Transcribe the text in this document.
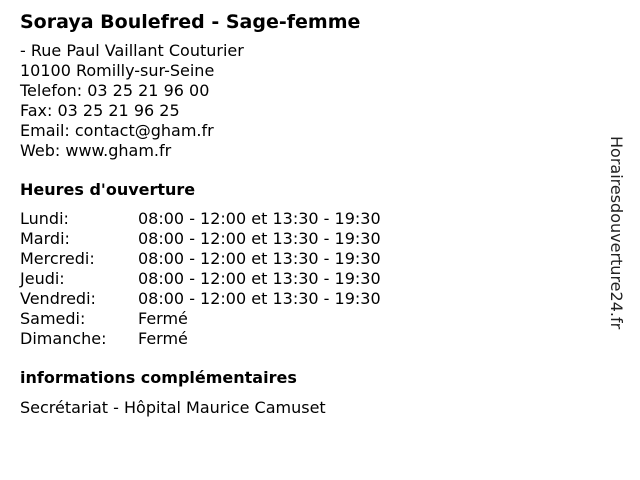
Soraya Boulefred - Sage-femme
- Rue Paul Vaillant Couturier
10100 Romilly-sur-Seine
Telefon: 03 25 21 96 00
Fax: 03 25 21 96 25
Email: contact@gham.fr
Web: www.gham.fr
Heures d'ouverture
Lundi:	08:00 - 12:00 et 13:30 - 19:30
Mardi:	08:00 - 12:00 et 13:30 - 19:30
Mercredi:	08:00 - 12:00 et 13:30 - 19:30
Jeudi:	08:00 - 12:00 et 13:30 - 19:30
Vendredi:	08:00 - 12:00 et 13:30 - 19:30
Samedi:	Fermé
Dimanche:	Fermé
informations complémentaires
Secrétariat - Hôpital Maurice Camuset
Horairesdouverture24.fr
